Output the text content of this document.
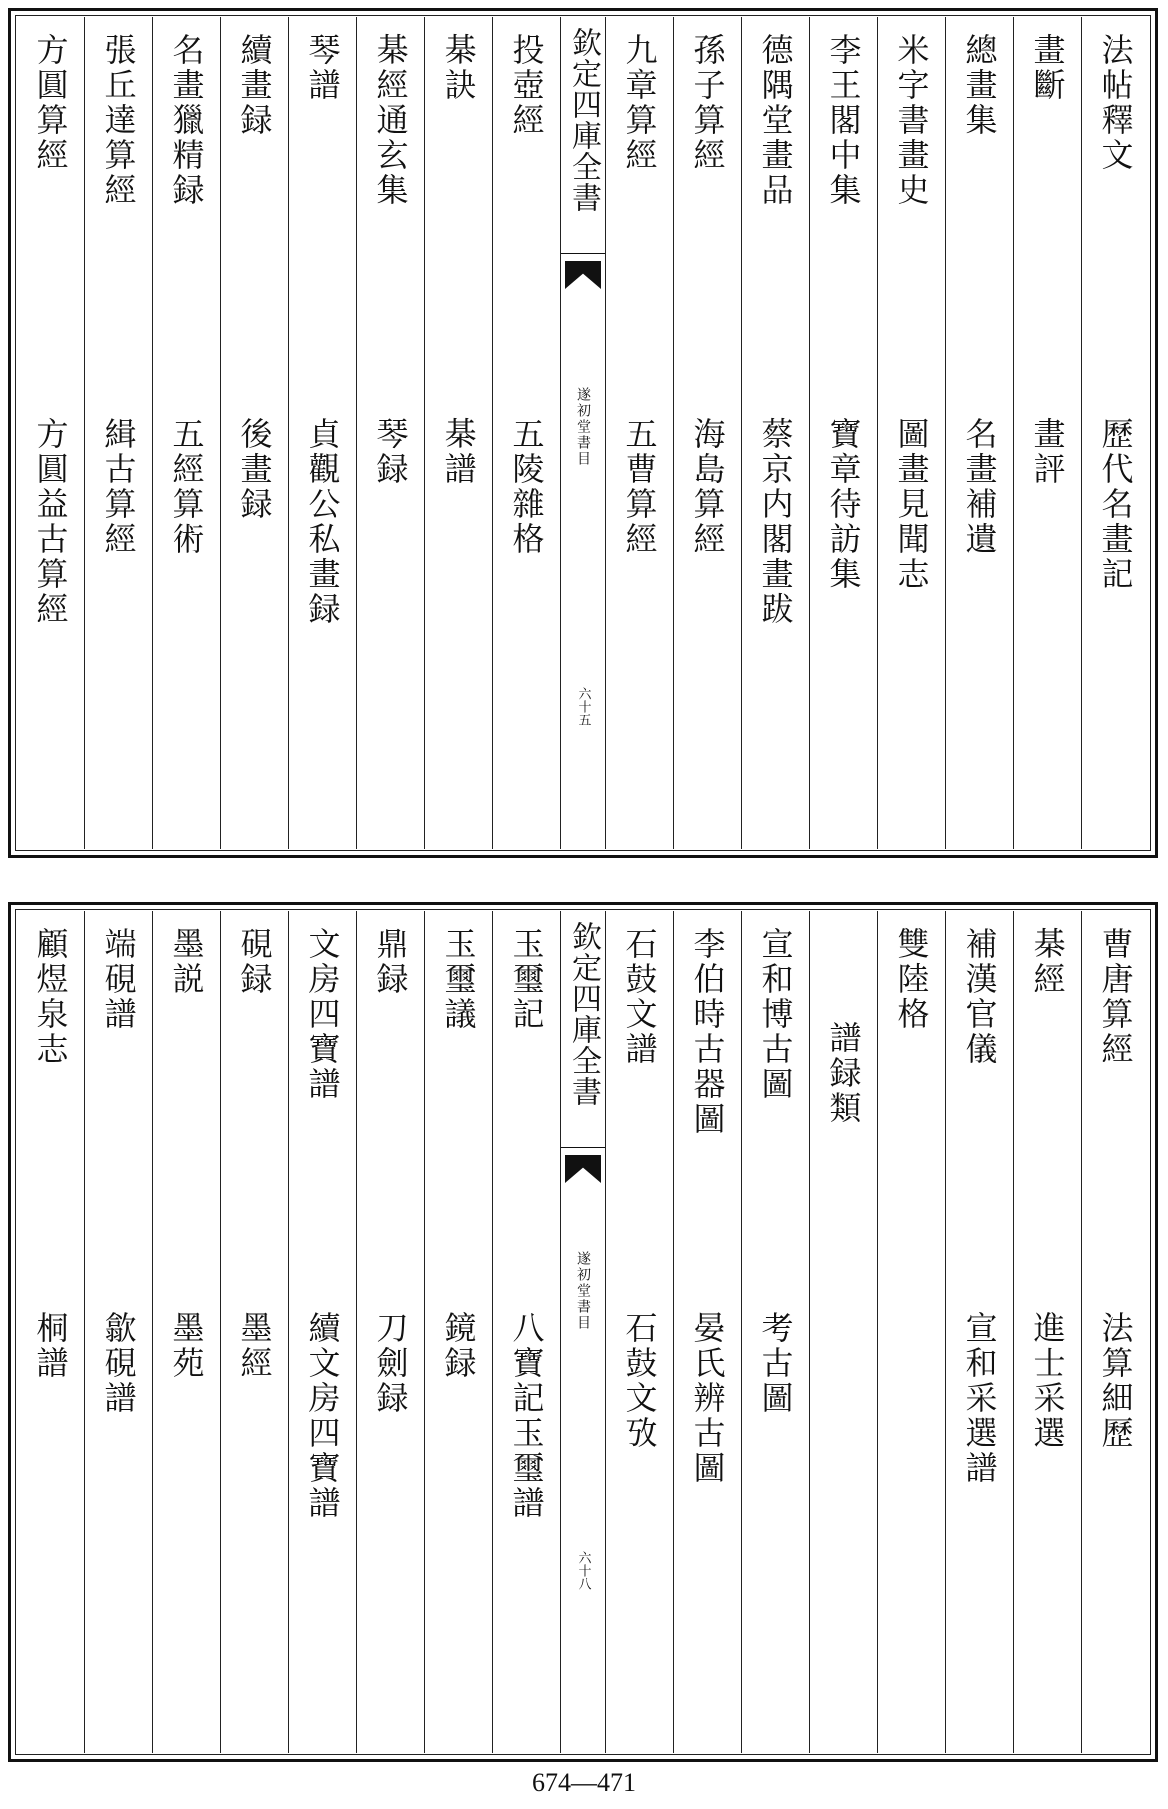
法帖釋文
歷代名畫記
畫斷
畫評
總畫集
名畫補遺
米字書畫史
圖畫見聞志
李王閣中集
寶章待訪集
德隅堂畫品
蔡京内閣畫跋
孫子算經
海島算經
九章算經
五曹算經
欽定四庫全書
遂初堂書目
六十五
投壺經
五陵雜格
棊訣
棊譜
棊經通玄集
琴録
琴譜
貞觀公私畫録
續畫録
後畫録
名畫獵精録
五經算術
張丘達算經
緝古算經
方圓算經
方圓益古算經
曹唐算經
法算細歷
棊經
進士采選
補漢官儀
宣和采選譜
雙陸格
譜録類
宣和博古圖
考古圖
李伯時古器圖
晏氏辨古圖
石鼓文譜
石鼓文攷
欽定四庫全書
遂初堂書目
六十八
玉璽記
八寶記玉璽譜
玉璽議
鏡録
鼎録
刀劍録
文房四寶譜
續文房四寶譜
硯録
墨經
墨説
墨苑
端硯譜
歙硯譜
顧煜泉志
桐譜
674—471
